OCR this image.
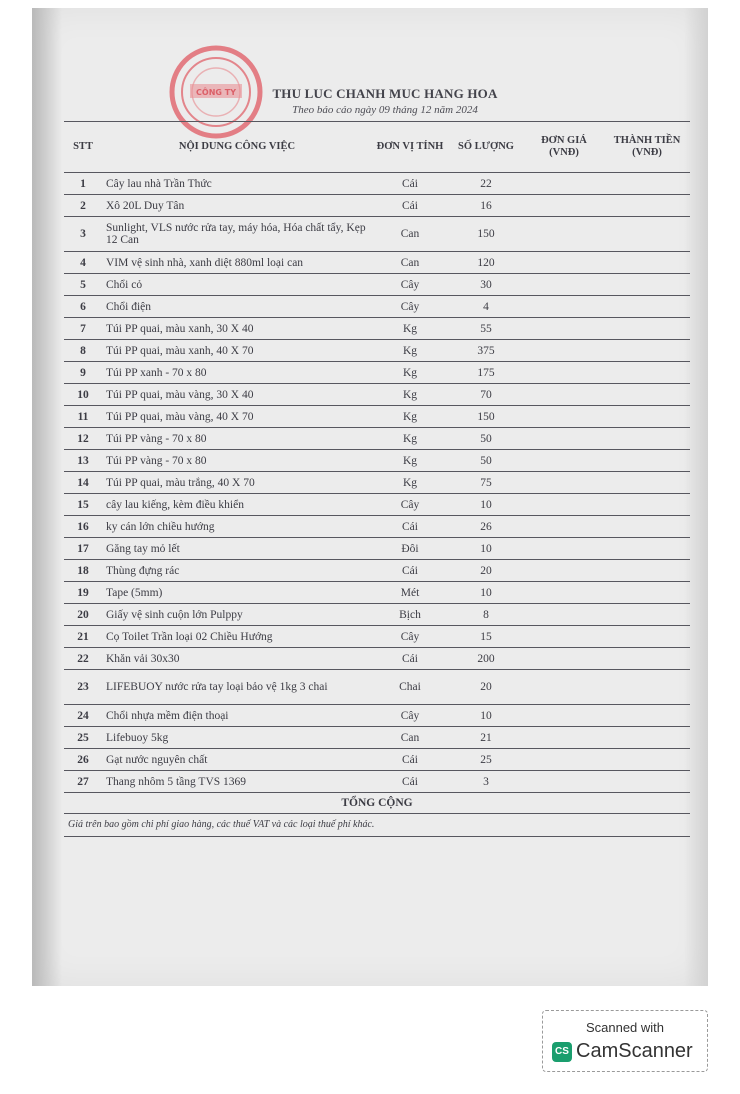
CÔNG TY	THU LUC CHANH MUC HANG HOA
Theo báo cáo ngày 09 tháng 12 năm 2024
STT	NỘI DUNG CÔNG VIỆC	ĐƠN VỊ TÍNH	SỐ LƯỢNG	ĐƠN GIÁ (VNĐ)	THÀNH TIỀN (VNĐ)
1	Cây lau nhà Trần Thức	Cái	22		
2	Xô 20L Duy Tân	Cái	16		
3	Sunlight, VLS nước rửa tay, máy hóa, Hóa chất tẩy, Kẹp 12 Can	Can	150		
4	VIM vệ sinh nhà, xanh diệt 880ml loại can	Can	120		
5	Chổi cỏ	Cây	30		
6	Chổi điện	Cây	4		
7	Túi PP quai, màu xanh, 30 X 40	Kg	55		
8	Túi PP quai, màu xanh, 40 X 70	Kg	375		
9	Túi PP xanh - 70 x 80	Kg	175		
10	Túi PP quai, màu vàng, 30 X 40	Kg	70		
11	Túi PP quai, màu vàng, 40 X 70	Kg	150		
12	Túi PP vàng - 70 x 80	Kg	50		
13	Túi PP vàng - 70 x 80	Kg	50		
14	Túi PP quai, màu trắng, 40 X 70	Kg	75		
15	cây lau kiếng, kèm điều khiển	Cây	10		
16	ky cán lớn chiều hướng	Cái	26		
17	Găng tay mỏ lết	Đôi	10		
18	Thùng đựng rác	Cái	20		
19	Tape (5mm)	Mét	10		
20	Giấy vệ sinh cuộn lớn Pulppy	Bịch	8		
21	Cọ Toilet Trần loại 02 Chiều Hướng	Cây	15		
22	Khăn vải 30x30	Cái	200		
23	LIFEBUOY nước rửa tay loại bảo vệ 1kg 3 chai	Chai	20		
24	Chổi nhựa mềm điện thoại	Cây	10		
25	Lifebuoy 5kg	Can	21		
26	Gạt nước nguyên chất	Cái	25		
27	Thang nhôm 5 tầng TVS 1369	Cái	3		
TỔNG CỘNG					
Giá trên bao gồm chi phí giao hàng, các thuế VAT và các loại thuế phí khác.					
Scanned with
CS CamScanner
